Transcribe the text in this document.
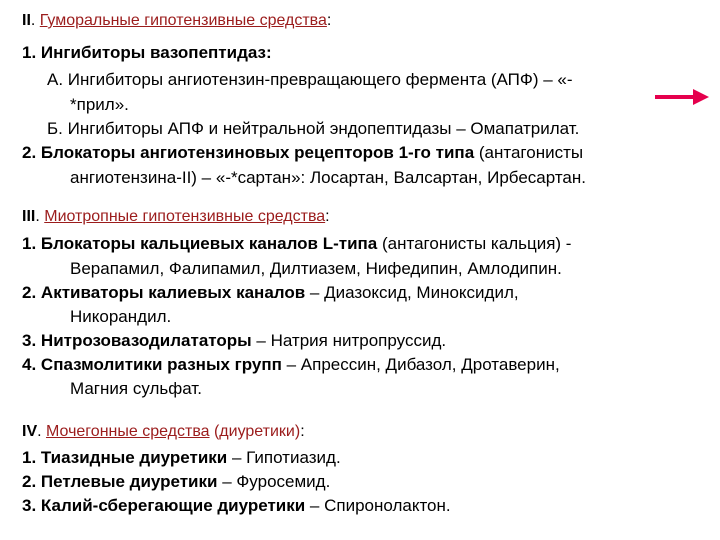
II. Гуморальные гипотензивные средства:
1. Ингибиторы вазопептидаз:
А. Ингибиторы ангиотензин-превращающего фермента (АПФ) – «-
*прил».
Б. Ингибиторы АПФ и нейтральной эндопептидазы – Омапатрилат.
2. Блокаторы ангиотензиновых рецепторов 1-го типа (антагонисты
ангиотензина-II) – «-*сартан»: Лосартан, Валсартан, Ирбесартан.
III. Миотропные гипотензивные средства:
1. Блокаторы кальциевых каналов L-типа (антагонисты кальция) -
Верапамил, Фалипамил, Дилтиазем, Нифедипин, Амлодипин.
2. Активаторы калиевых каналов – Диазоксид, Миноксидил,
Никорандил.
3. Нитрозовазодилататоры – Натрия нитропруссид.
4. Спазмолитики разных групп – Апрессин, Дибазол, Дротаверин,
Магния сульфат.
IV. Мочегонные средства (диуретики):
1. Тиазидные диуретики – Гипотиазид.
2. Петлевые диуретики – Фуросемид.
3. Калий-сберегающие диуретики – Спиронолактон.
